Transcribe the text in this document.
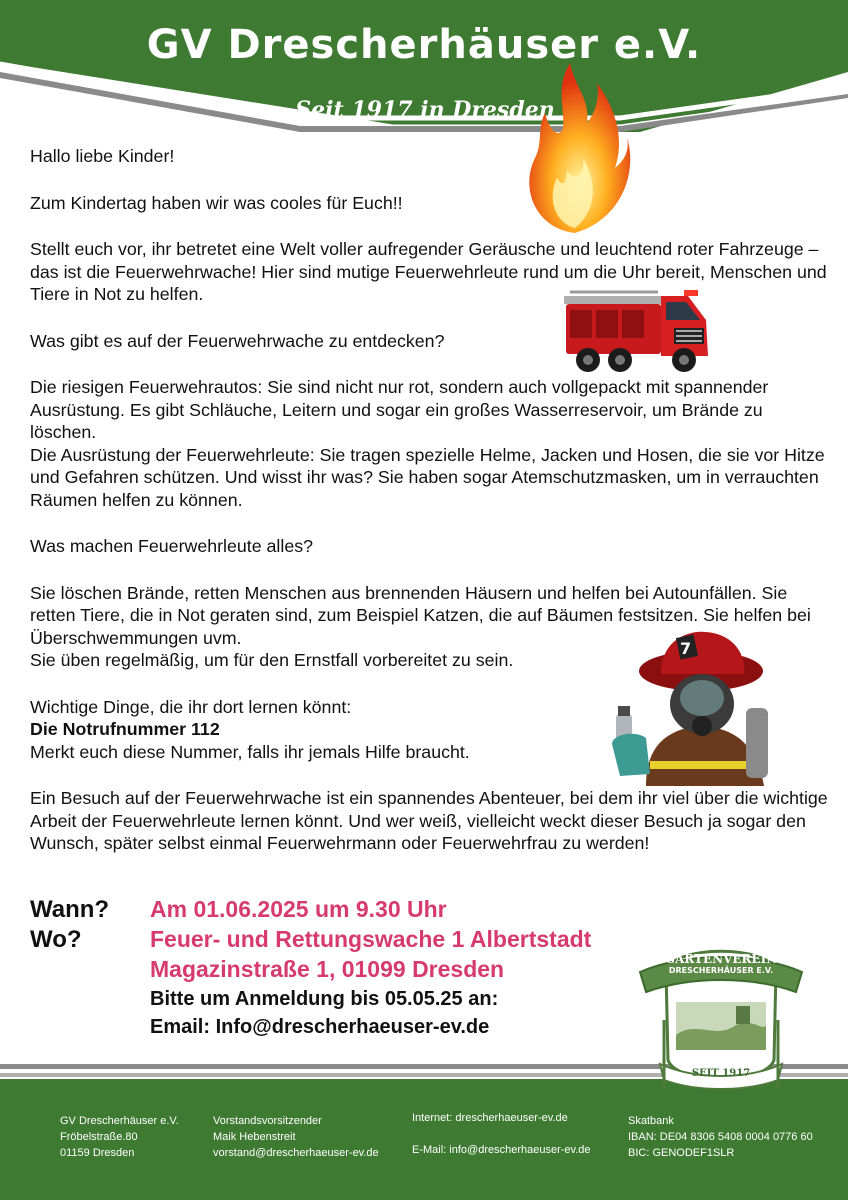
GV Drescherhäuser e.V.
Seit 1917 in Dresden
7

Hallo liebe Kinder!

Zum Kindertag haben wir was cooles für Euch!!

Stellt euch vor, ihr betretet eine Welt voller aufregender Geräusche und leuchtend roter Fahrzeuge – das ist die Feuerwehrwache! Hier sind mutige Feuerwehrleute rund um die Uhr bereit, Menschen und Tiere in Not zu helfen.

Was gibt es auf der Feuerwehrwache zu entdecken?

Die riesigen Feuerwehrautos: Sie sind nicht nur rot, sondern auch vollgepackt mit spannender Ausrüstung. Es gibt Schläuche, Leitern und sogar ein großes Wasserreservoir, um Brände zu löschen.

Die Ausrüstung der Feuerwehrleute: Sie tragen spezielle Helme, Jacken und Hosen, die sie vor Hitze und Gefahren schützen. Und wisst ihr was? Sie haben sogar Atemschutzmasken, um in verrauchten Räumen helfen zu können.

Was machen Feuerwehrleute alles?

Sie löschen Brände, retten Menschen aus brennenden Häusern und helfen bei Autounfällen. Sie retten Tiere, die in Not geraten sind, zum Beispiel Katzen, die auf Bäumen festsitzen. Sie helfen bei Überschwemmungen uvm.

Sie üben regelmäßig, um für den Ernstfall vorbereitet zu sein.

Wichtige Dinge, die ihr dort lernen könnt:

Die Notrufnummer 112

Merkt euch diese Nummer, falls ihr jemals Hilfe braucht.

Ein Besuch auf der Feuerwehrwache ist ein spannendes Abenteuer, bei dem ihr viel über die wichtige Arbeit der Feuerwehrleute lernen könnt. Und wer weiß, vielleicht weckt dieser Besuch ja sogar den Wunsch, später selbst einmal Feuerwehrmann oder Feuerwehrfrau zu werden!

Wann? Am 01.06.2025 um 9.30 Uhr
Wo?	Feuer- und Rettungswache 1 Albertstadt
Magazinstraße 1, 01099 Dresden
Bitte um Anmeldung bis 05.05.25 an:
Email: Info@drescherhaeuser-ev.de
GARTENVEREIN
DRESCHERHÄUSER E.V.
SEIT 1917
GV Drescherhäuser e.V.
Fröbelstraße.80
01159 Dresden
Vorstandsvorsitzender
Maik Hebenstreit
vorstand@drescherhaeuser-ev.de
Internet: drescherhaeuser-ev.de
E-Mail: info@drescherhaeuser-ev.de
Skatbank
IBAN: DE04 8306 5408 0004 0776 60
BIC: GENODEF1SLR
